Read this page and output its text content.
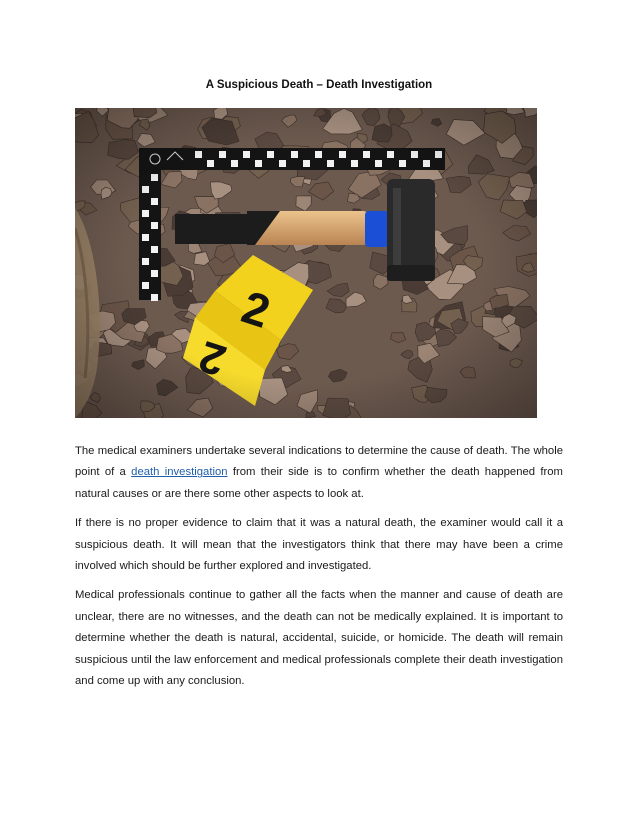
A Suspicious Death – Death Investigation

The medical examiners undertake several indications to determine the cause of death. The whole point of a death investigation from their side is to confirm whether the death happened from natural causes or are there some other aspects to look at.

If there is no proper evidence to claim that it was a natural death, the examiner would call it a suspicious death. It will mean that the investigators think that there may have been a crime involved which should be further explored and investigated.

Medical professionals continue to gather all the facts when the manner and cause of death are unclear, there are no witnesses, and the death can not be medically explained. It is important to determine whether the death is natural, accidental, suicide, or homicide. The death will remain suspicious until the law enforcement and medical professionals complete their death investigation and come up with any conclusion.
